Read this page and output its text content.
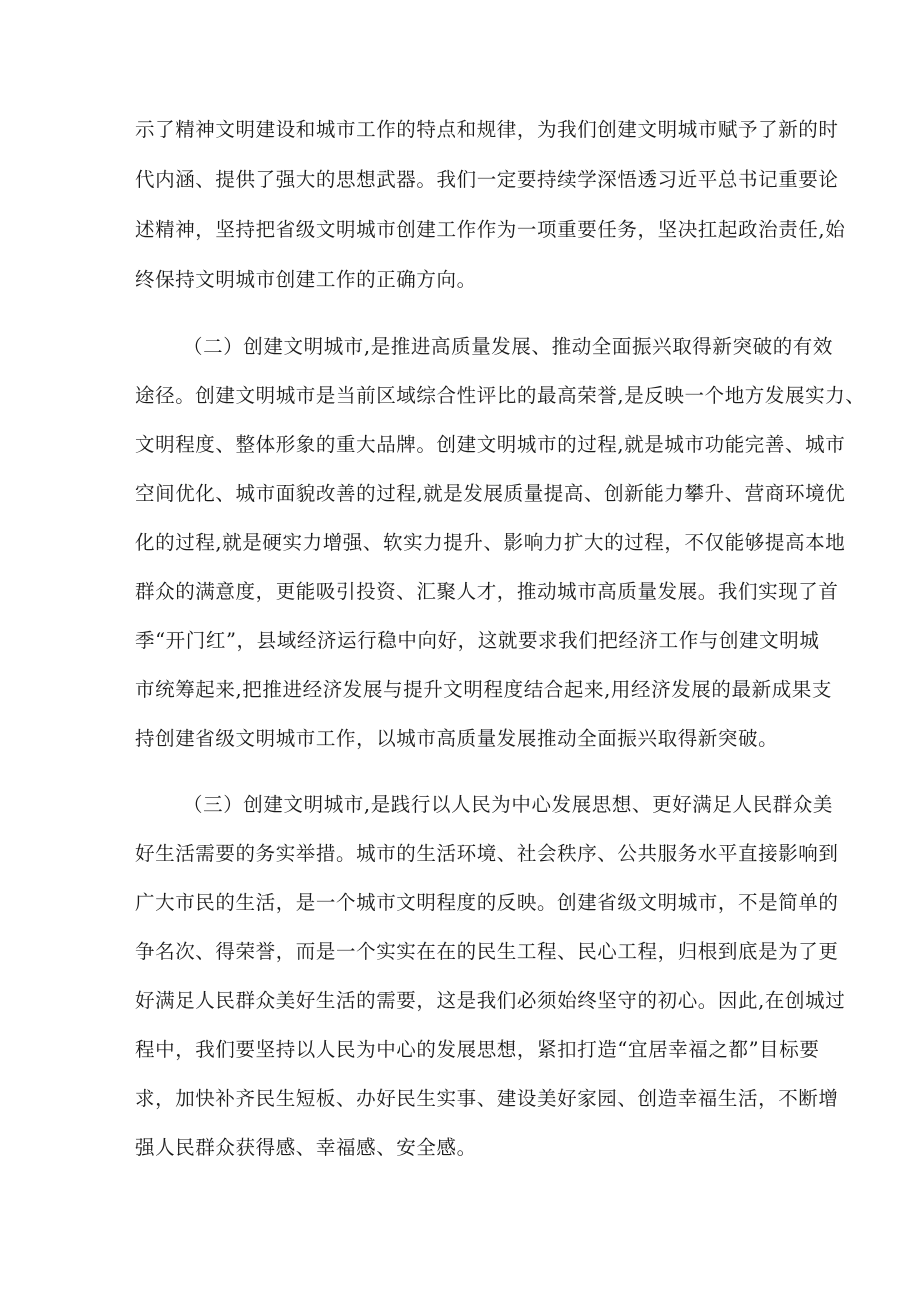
示了精神文明建设和城市工作的特点和规律，为我们创建文明城市赋予了新的时
代内涵、提供了强大的思想武器。我们一定要持续学深悟透习近平总书记重要论
述精神，坚持把省级文明城市创建工作作为一项重要任务，坚决扛起政治责任,始
终保持文明城市创建工作的正确方向。
（二）创建文明城市,是推进高质量发展、推动全面振兴取得新突破的有效
途径。创建文明城市是当前区域综合性评比的最高荣誉,是反映一个地方发展实力、
文明程度、整体形象的重大品牌。创建文明城市的过程,就是城市功能完善、城市
空间优化、城市面貌改善的过程,就是发展质量提高、创新能力攀升、营商环境优
化的过程,就是硬实力增强、软实力提升、影响力扩大的过程，不仅能够提高本地
群众的满意度，更能吸引投资、汇聚人才，推动城市高质量发展。我们实现了首
季“开门红”，县域经济运行稳中向好，这就要求我们把经济工作与创建文明城
市统筹起来,把推进经济发展与提升文明程度结合起来,用经济发展的最新成果支
持创建省级文明城市工作，以城市高质量发展推动全面振兴取得新突破。
（三）创建文明城市,是践行以人民为中心发展思想、更好满足人民群众美
好生活需要的务实举措。城市的生活环境、社会秩序、公共服务水平直接影响到
广大市民的生活，是一个城市文明程度的反映。创建省级文明城市，不是简单的
争名次、得荣誉，而是一个实实在在的民生工程、民心工程，归根到底是为了更
好满足人民群众美好生活的需要，这是我们必须始终坚守的初心。因此,在创城过
程中，我们要坚持以人民为中心的发展思想，紧扣打造“宜居幸福之都”目标要
求，加快补齐民生短板、办好民生实事、建设美好家园、创造幸福生活，不断增
强人民群众获得感、幸福感、安全感。
